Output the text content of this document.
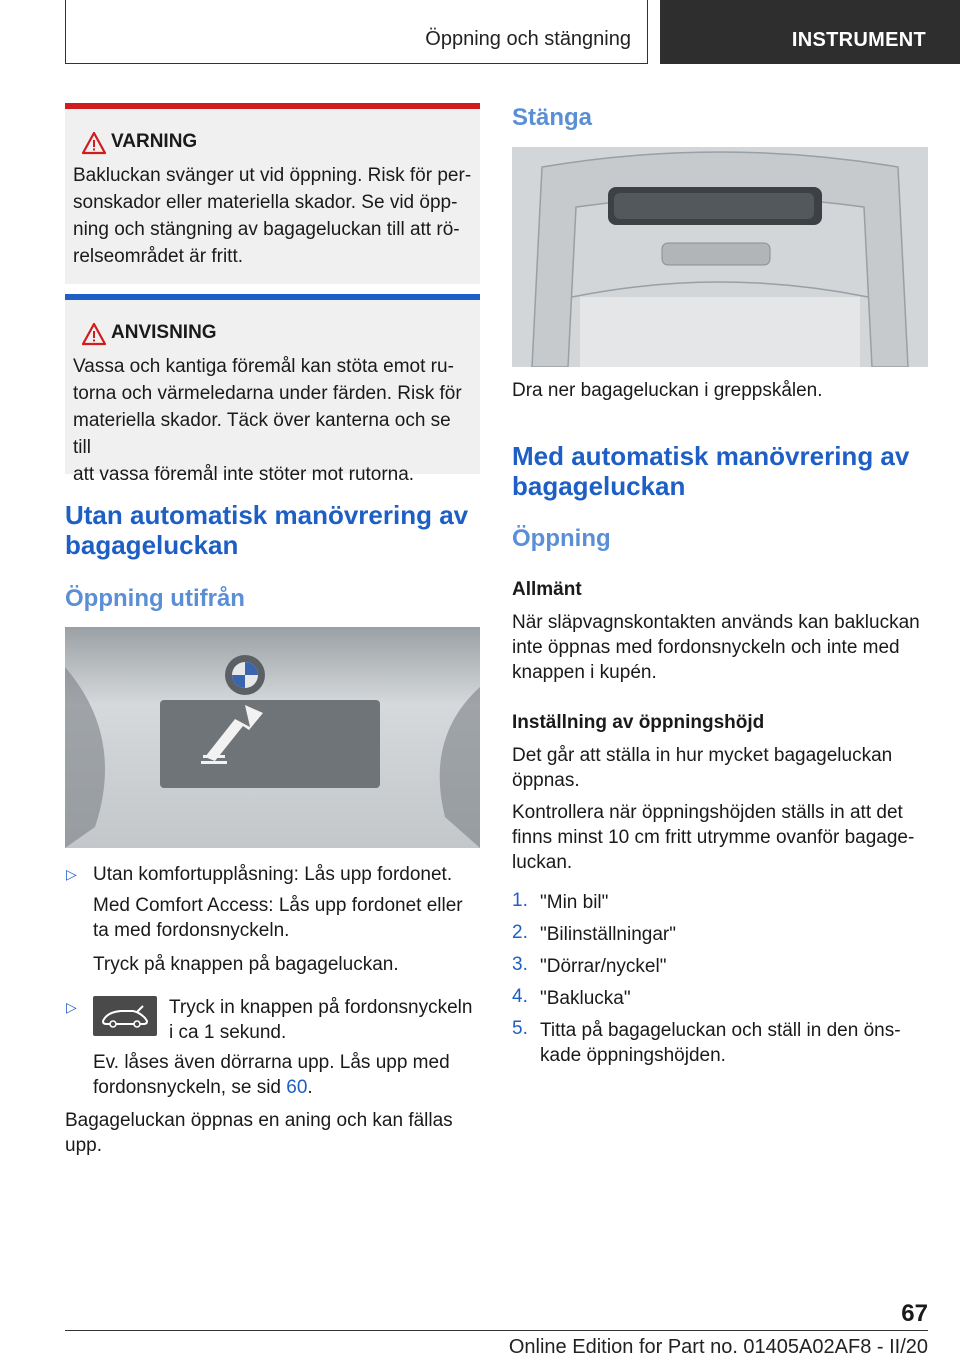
Öppning och stängning	INSTRUMENT
VARNING
Bakluckan svänger ut vid öppning. Risk för per-
sonskador eller materiella skador. Se vid öpp-
ning och stängning av bagageluckan till att rö-
relseområdet är fritt.
ANVISNING
Vassa och kantiga föremål kan stöta emot ru-
torna och värmeledarna under färden. Risk för
materiella skador. Täck över kanterna och se till
att vassa föremål inte stöter mot rutorna.
Utan automatisk manövrering av
bagageluckan
Öppning utifrån
▷ Utan komfortupplåsning: Lås upp fordonet.
Med Comfort Access: Lås upp fordonet eller
ta med fordonsnyckeln.
Tryck på knappen på bagageluckan.
▷	Tryck in knappen på fordonsnyckeln
i ca 1 sekund.
Ev. låses även dörrarna upp. Lås upp med
fordonsnyckeln, se sid 60.
Bagageluckan öppnas en aning och kan fällas
upp.
Stänga
Dra ner bagageluckan i greppskålen.
Med automatisk manövrering av
bagageluckan
Öppning
Allmänt
När släpvagnskontakten används kan bakluckan
inte öppnas med fordonsnyckeln och inte med
knappen i kupén.
Inställning av öppningshöjd
Det går att ställa in hur mycket bagageluckan
öppnas.
Kontrollera när öppningshöjden ställs in att det
finns minst 10 cm fritt utrymme ovanför bagage-
luckan.
1. "Min bil"
2. "Bilinställningar"
3. "Dörrar/nyckel"
4. "Baklucka"
5. Titta på bagageluckan och ställ in den öns-
kade öppningshöjden.
67
Online Edition for Part no. 01405A02AF8 - II/20
